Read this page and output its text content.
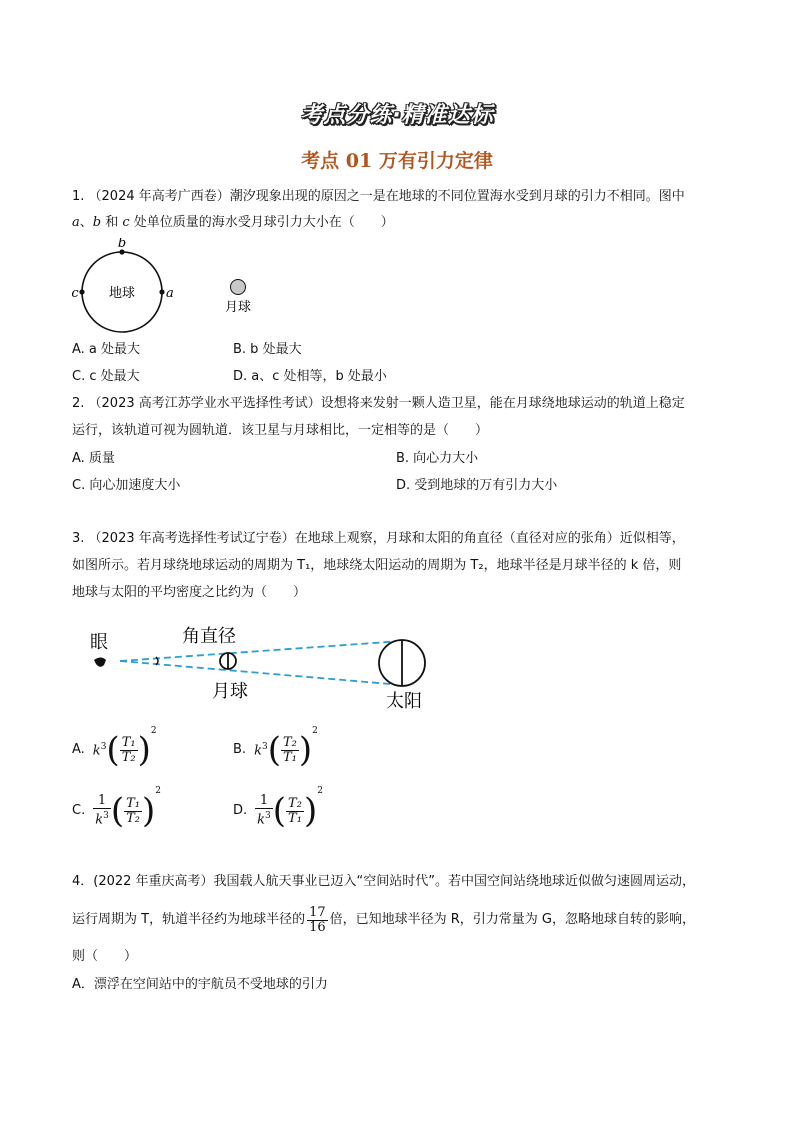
考点分练·精准达标
考点 01 万有引力定律
1. （2024 年高考广西卷）潮汐现象出现的原因之一是在地球的不同位置海水受到月球的引力不相同。图中
a、b 和 c 处单位质量的海水受月球引力大小在（　　）
b
c	a
地球
月球
A. a 处最大	B. b 处最大
C. c 处最大	D. a、c 处相等，b 处最小
2. （2023 高考江苏学业水平选择性考试）设想将来发射一颗人造卫星，能在月球绕地球运动的轨道上稳定
运行，该轨道可视为圆轨道．该卫星与月球相比，一定相等的是（　　）
A. 质量	B. 向心力大小
C. 向心加速度大小	D. 受到地球的万有引力大小
3. （2023 年高考选择性考试辽宁卷）在地球上观察，月球和太阳的角直径（直径对应的张角）近似相等，
如图所示。若月球绕地球运动的周期为 T₁，地球绕太阳运动的周期为 T₂，地球半径是月球半径的 k 倍，则
地球与太阳的平均密度之比约为（　　）
眼	角直径
月球	太阳
A. $k^3$ ( $\frac{\text{T₁}}{\text{T₂}}$ ) 2
B. $k^3$ ( $\frac{\text{T₂}}{\text{T₁}}$ ) 2
C. $\frac{1}{k^3}$ ( $\frac{\text{T₁}}{\text{T₂}}$ ) 2
D. $\frac{1}{k^3}$ ( $\frac{\text{T₂}}{\text{T₁}}$ ) 2
4．(2022 年重庆高考）我国载人航天事业已迈入“空间站时代”。若中国空间站绕地球近似做匀速圆周运动，
运行周期为 T，轨道半径约为地球半径的 $\frac{17}{16}$ 倍，已知地球半径为 R，引力常量为 G，忽略地球自转的影响，
则（　　）
A．漂浮在空间站中的宇航员不受地球的引力
